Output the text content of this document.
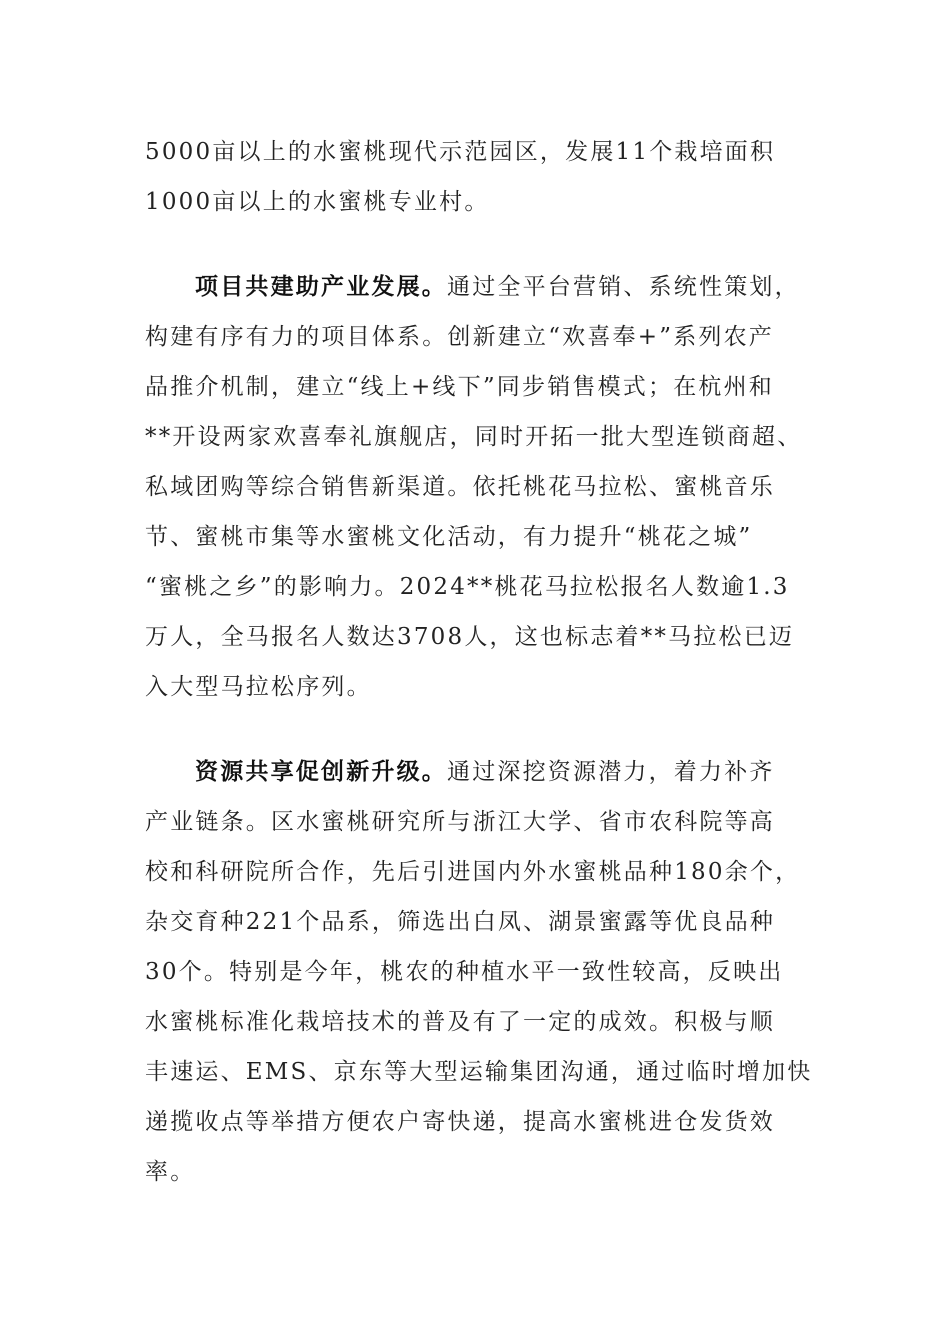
5000亩以上的水蜜桃现代示范园区，发展11个栽培面积
1000亩以上的水蜜桃专业村。
项目共建助产业发展。通过全平台营销、系统性策划，
构建有序有力的项目体系。创新建立“欢喜奉+”系列农产
品推介机制，建立“线上+线下”同步销售模式；在杭州和
**开设两家欢喜奉礼旗舰店，同时开拓一批大型连锁商超、
私域团购等综合销售新渠道。依托桃花马拉松、蜜桃音乐
节、蜜桃市集等水蜜桃文化活动，有力提升“桃花之城”
“蜜桃之乡”的影响力。2024**桃花马拉松报名人数逾1.3
万人，全马报名人数达3708人，这也标志着**马拉松已迈
入大型马拉松序列。
资源共享促创新升级。通过深挖资源潜力，着力补齐
产业链条。区水蜜桃研究所与浙江大学、省市农科院等高
校和科研院所合作，先后引进国内外水蜜桃品种180余个，
杂交育种221个品系，筛选出白凤、湖景蜜露等优良品种
30个。特别是今年，桃农的种植水平一致性较高，反映出
水蜜桃标准化栽培技术的普及有了一定的成效。积极与顺
丰速运、EMS、京东等大型运输集团沟通，通过临时增加快
递揽收点等举措方便农户寄快递，提高水蜜桃进仓发货效
率。
